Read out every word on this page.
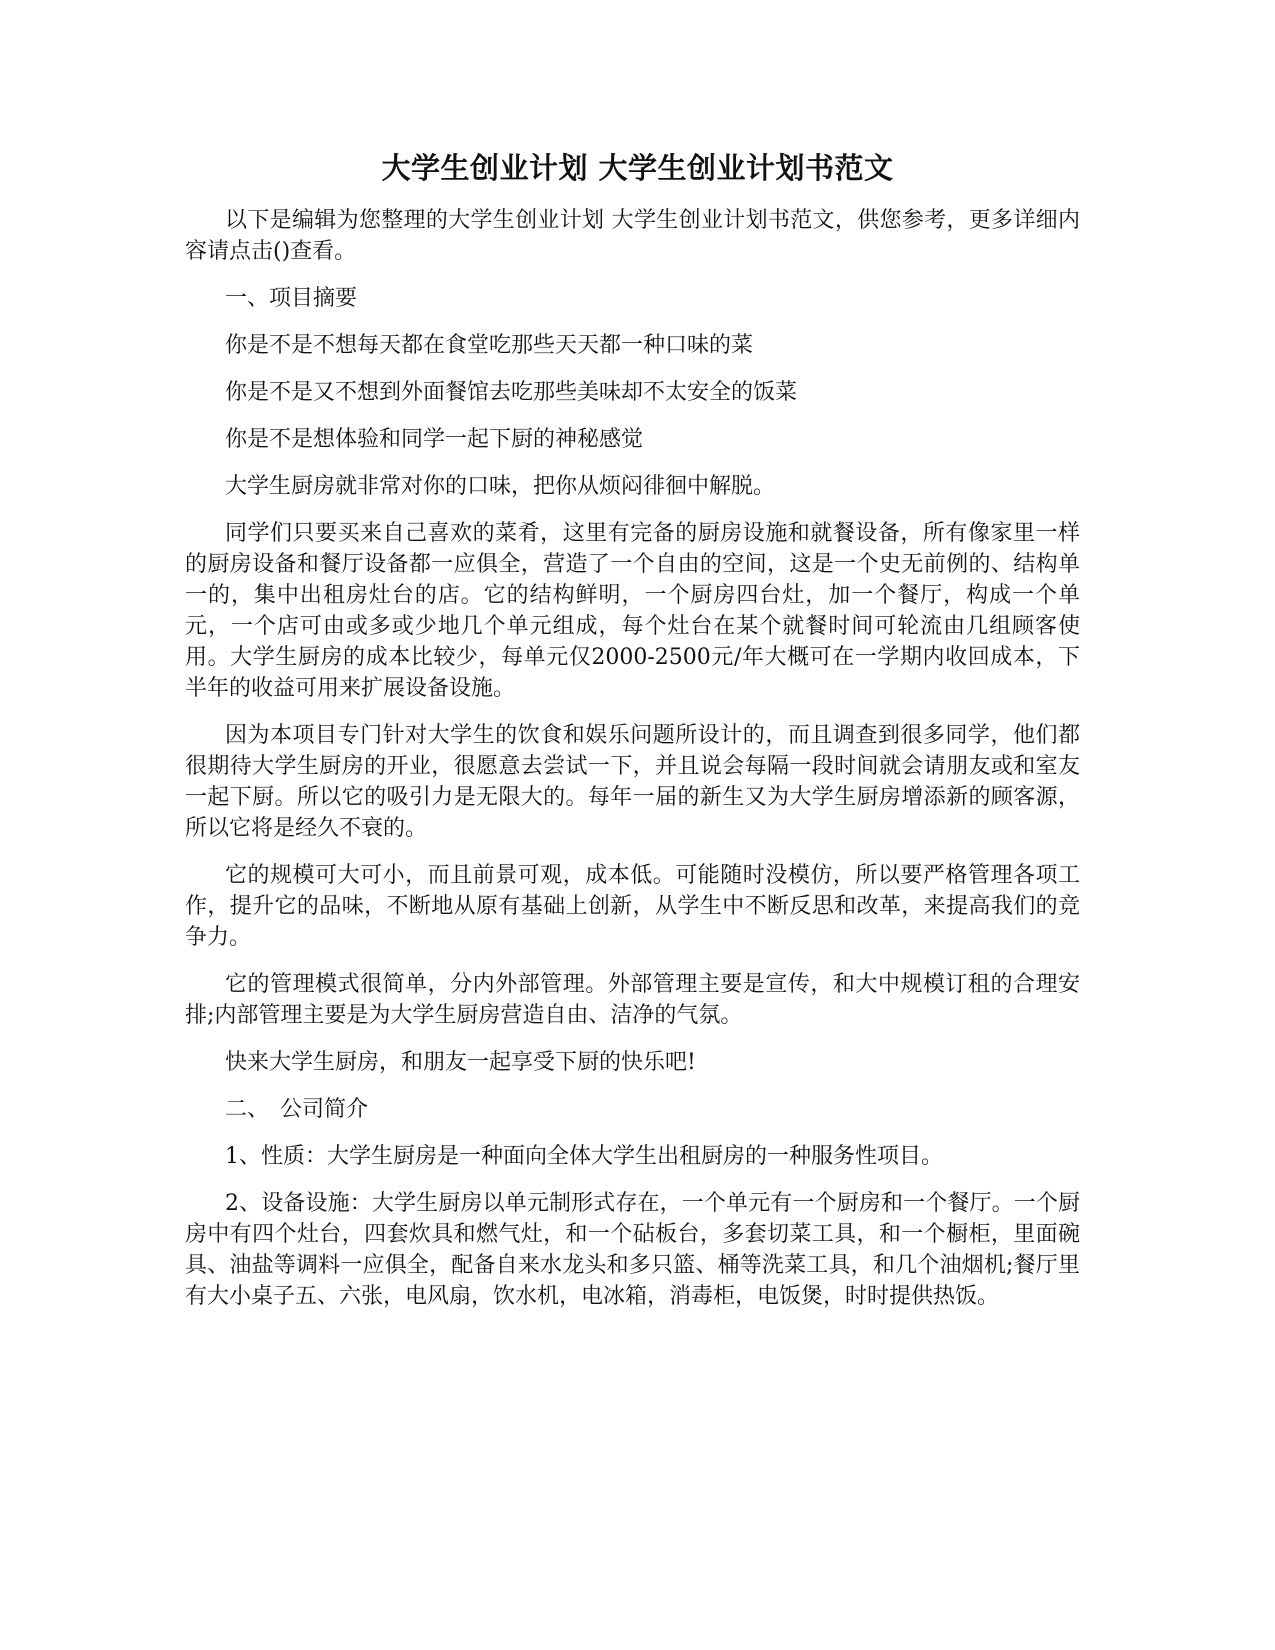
大学生创业计划 大学生创业计划书范文

以下是编辑为您整理的大学生创业计划 大学生创业计划书范文，供您参考，更多详细内容请点击()查看。

一、项目摘要

你是不是不想每天都在食堂吃那些天天都一种口味的菜

你是不是又不想到外面餐馆去吃那些美味却不太安全的饭菜

你是不是想体验和同学一起下厨的神秘感觉

大学生厨房就非常对你的口味，把你从烦闷徘徊中解脱。

同学们只要买来自己喜欢的菜肴，这里有完备的厨房设施和就餐设备，所有像家里一样的厨房设备和餐厅设备都一应俱全，营造了一个自由的空间，这是一个史无前例的、结构单一的，集中出租房灶台的店。它的结构鲜明，一个厨房四台灶，加一个餐厅，构成一个单元，一个店可由或多或少地几个单元组成，每个灶台在某个就餐时间可轮流由几组顾客使用。大学生厨房的成本比较少，每单元仅2000-2500元/年大概可在一学期内收回成本，下半年的收益可用来扩展设备设施。

因为本项目专门针对大学生的饮食和娱乐问题所设计的，而且调查到很多同学，他们都很期待大学生厨房的开业，很愿意去尝试一下，并且说会每隔一段时间就会请朋友或和室友一起下厨。所以它的吸引力是无限大的。每年一届的新生又为大学生厨房增添新的顾客源，所以它将是经久不衰的。

它的规模可大可小，而且前景可观，成本低。可能随时没模仿，所以要严格管理各项工作，提升它的品味，不断地从原有基础上创新，从学生中不断反思和改革，来提高我们的竞争力。

它的管理模式很简单，分内外部管理。外部管理主要是宣传，和大中规模订租的合理安排;内部管理主要是为大学生厨房营造自由、洁净的气氛。

快来大学生厨房，和朋友一起享受下厨的快乐吧!

二、　公司简介

1、性质：大学生厨房是一种面向全体大学生出租厨房的一种服务性项目。

2、设备设施：大学生厨房以单元制形式存在，一个单元有一个厨房和一个餐厅。一个厨房中有四个灶台，四套炊具和燃气灶，和一个砧板台，多套切菜工具，和一个橱柜，里面碗具、油盐等调料一应俱全，配备自来水龙头和多只篮、桶等洗菜工具，和几个油烟机;餐厅里有大小桌子五、六张，电风扇，饮水机，电冰箱，消毒柜，电饭煲，时时提供热饭。
